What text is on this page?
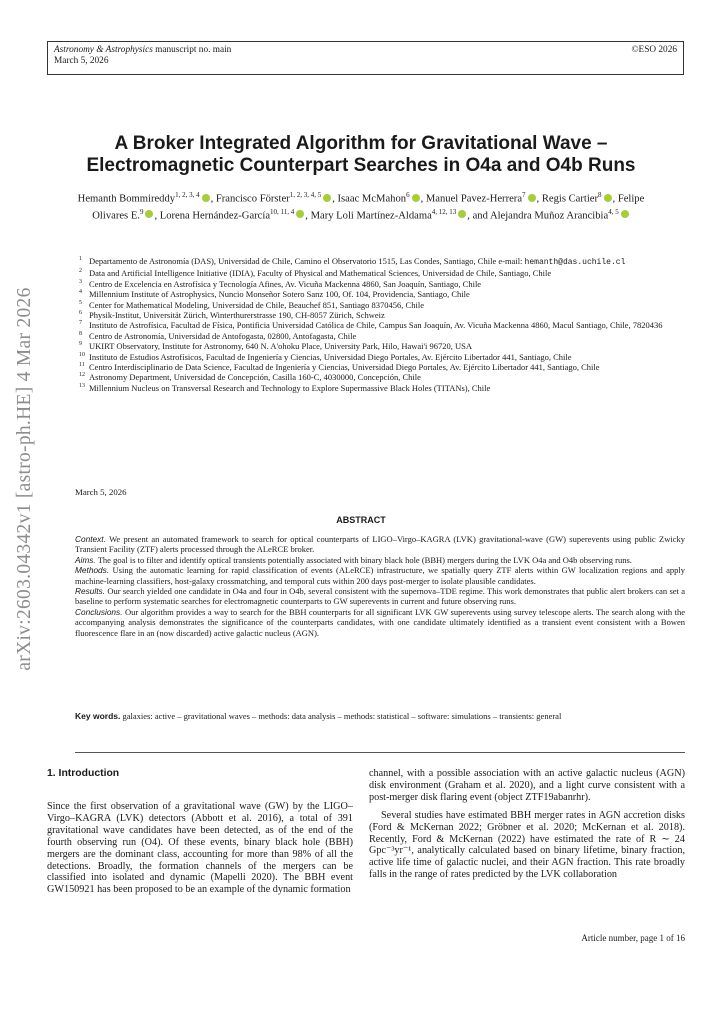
Astronomy & Astrophysics manuscript no. main
March 5, 2026
©ESO 2026
arXiv:2603.04342v1 [astro-ph.HE] 4 Mar 2026
A Broker Integrated Algorithm for Gravitational Wave –
Electromagnetic Counterpart Searches in O4a and O4b Runs
Hemanth Bommireddy$^{1, 2, 3, 4}$ , Francisco Förster$^{1, 2, 3, 4, 5}$ , Isaac McMahon$^6$ , Manuel Pavez-Herrera$^7$ , Regis Cartier$^8$ , Felipe Olivares E.$^9$ , Lorena Hernández-García$^{10, 11, 4}$ , Mary Loli Martínez-Aldama$^{4, 12, 13}$ , and Alejandra Muñoz Arancibia$^{4, 5}$
1 Departamento de Astronomía (DAS), Universidad de Chile, Camino el Observatorio 1515, Las Condes, Santiago, Chile e-mail: hemanth@das.uchile.cl
2 Data and Artificial Intelligence Initiative (IDIA), Faculty of Physical and Mathematical Sciences, Universidad de Chile, Santiago, Chile
3 Centro de Excelencia en Astrofísica y Tecnología Afines, Av. Vicuña Mackenna 4860, San Joaquín, Santiago, Chile
4 Millennium Institute of Astrophysics, Nuncio Monseñor Sotero Sanz 100, Of. 104, Providencia, Santiago, Chile
5 Center for Mathematical Modeling, Universidad de Chile, Beauchef 851, Santiago 8370456, Chile
6 Physik-Institut, Universität Zürich, Winterthurerstrasse 190, CH-8057 Zürich, Schweiz
7 Instituto de Astrofísica, Facultad de Física, Pontificia Universidad Católica de Chile, Campus San Joaquín, Av. Vicuña Mackenna 4860, Macul Santiago, Chile, 7820436
8 Centro de Astronomía, Universidad de Antofogasta, 02800, Antofagasta, Chile
9 UKIRT Observatory, Institute for Astronomy, 640 N. A'ohoku Place, University Park, Hilo, Hawai'i 96720, USA
10 Instituto de Estudios Astrofísicos, Facultad de Ingeniería y Ciencias, Universidad Diego Portales, Av. Ejército Libertador 441, Santiago, Chile
11 Centro Interdisciplinario de Data Science, Facultad de Ingeniería y Ciencias, Universidad Diego Portales, Av. Ejército Libertador 441, Santiago, Chile
12 Astronomy Department, Universidad de Concepción, Casilla 160-C, 4030000, Concepción, Chile
13 Millennium Nucleus on Transversal Research and Technology to Explore Supermassive Black Holes (TITANs), Chile
March 5, 2026
ABSTRACT

Context. We present an automated framework to search for optical counterparts of LIGO–Virgo–KAGRA (LVK) gravitational-wave (GW) superevents using public Zwicky Transient Facility (ZTF) alerts processed through the ALeRCE broker.

Aims. The goal is to filter and identify optical transients potentially associated with binary black hole (BBH) mergers during the LVK O4a and O4b observing runs.

Methods. Using the automatic learning for rapid classification of events (ALeRCE) infrastructure, we spatially query ZTF alerts within GW localization regions and apply machine-learning classifiers, host-galaxy crossmatching, and temporal cuts within 200 days post-merger to isolate plausible candidates.

Results. Our search yielded one candidate in O4a and four in O4b, several consistent with the supernova–TDE regime. This work demonstrates that public alert brokers can set a baseline to perform systematic searches for electromagnetic counterparts to GW superevents in current and future observing runs.

Conclusions. Our algorithm provides a way to search for the BBH counterparts for all significant LVK GW superevents using survey telescope alerts. The search along with the accompanying analysis demonstrates the significance of the counterparts candidates, with one candidate ultimately identified as a transient event consistent with a Bowen fluorescence flare in an (now discarded) active galactic nucleus (AGN).

Key words. galaxies: active – gravitational waves – methods: data analysis – methods: statistical – software: simulations – transients: general
1. Introduction

Since the first observation of a gravitational wave (GW) by the LIGO–Virgo–KAGRA (LVK) detectors (Abbott et al. 2016), a total of 391 gravitational wave candidates have been detected, as of the end of the fourth observing run (O4). Of these events, binary black hole (BBH) mergers are the dominant class, accounting for more than 98% of all the detections. Broadly, the formation channels of the mergers can be classified into isolated and dynamic (Mapelli 2020). The BBH event GW150921 has been proposed to be an example of the dynamic formation

channel, with a possible association with an active galactic nucleus (AGN) disk environment (Graham et al. 2020), and a light curve consistent with a post-merger disk flaring event (object ZTF19abanrhr).

Several studies have estimated BBH merger rates in AGN accretion disks (Ford & McKernan 2022; Gröbner et al. 2020; McKernan et al. 2018). Recently, Ford & McKernan (2022) have estimated the rate of R ∼ 24 Gpc⁻³yr⁻¹, analytically calculated based on binary lifetime, binary fraction, active life time of galactic nuclei, and their AGN fraction. This rate broadly falls in the range of rates predicted by the LVK collaboration

Article number, page 1 of 16
